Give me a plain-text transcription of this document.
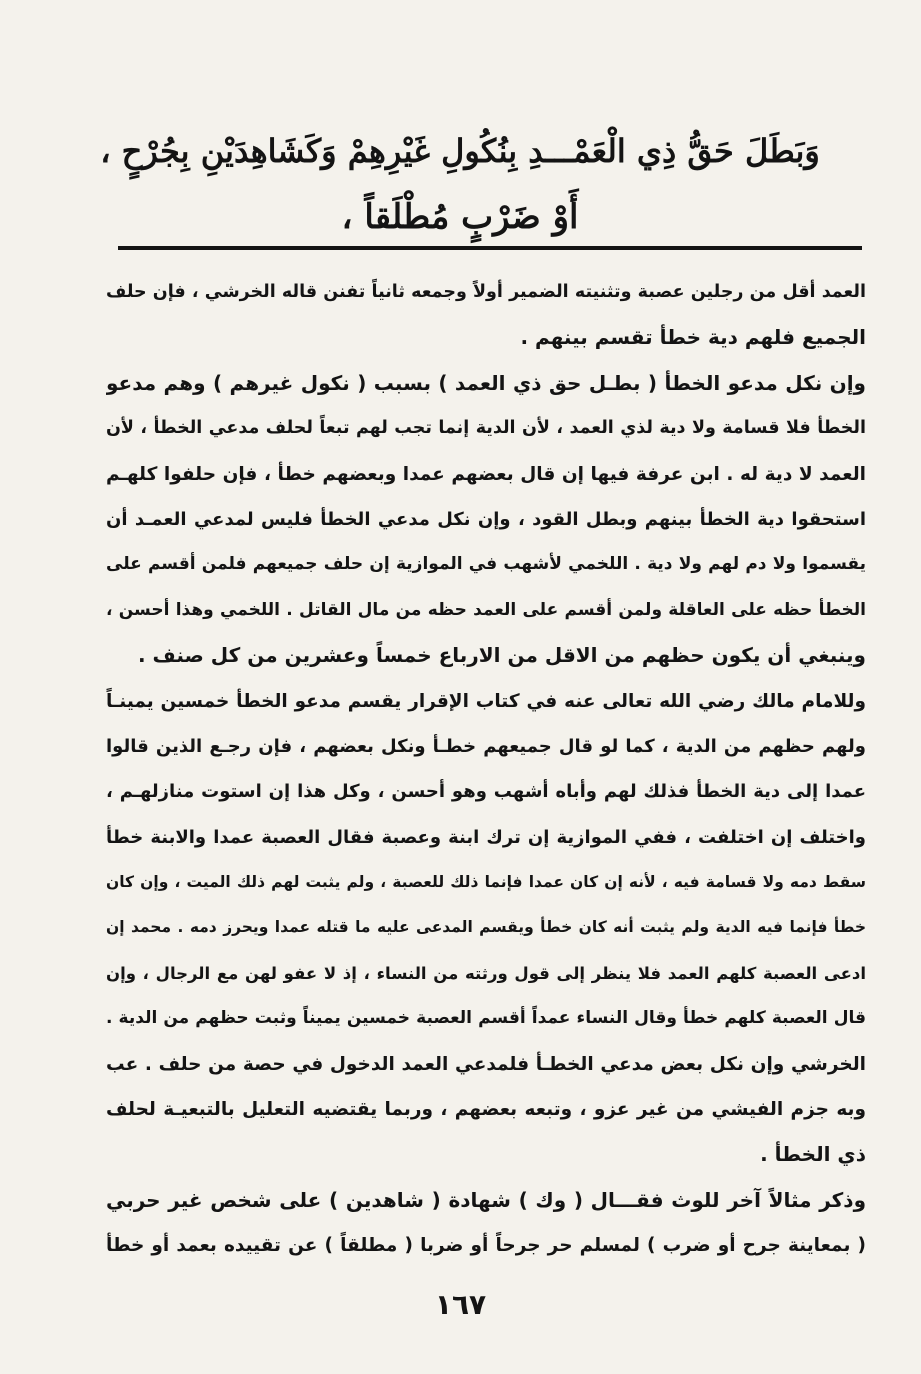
وَبَطَلَ حَقُّ ذِي الْعَمْـــدِ بِنُكُولِ غَيْرِهِمْ وَكَشَاهِدَيْنِ بِجُرْحٍ ،
أَوْ ضَرْبٍ مُطْلَقاً ،
العمد أقل من رجلين عصبة وتثنيته الضمير أولاً وجمعه ثانياً تفنن قاله الخرشي ، فإن حلف
الجميع فلهم دية خطأ تقسم بينهم .
وإن نكل مدعو الخطأ ( بطـل حق ذي العمد ) بسبب ( نكول غيرهم ) وهم مدعو
الخطأ فلا قسامة ولا دية لذي العمد ، لأن الدية إنما تجب لهم تبعاً لحلف مدعي الخطأ ، لأن
العمد لا دية له . ابن عرفة فيها إن قال بعضهم عمدا وبعضهم خطأ ، فإن حلفوا كلهـم
استحقوا دية الخطأ بينهم وبطل القود ، وإن نكل مدعي الخطأ فليس لمدعي العمـد أن
يقسموا ولا دم لهم ولا دية . اللخمي لأشهب في الموازية إن حلف جميعهم فلمن أقسم على
الخطأ حظه على العاقلة ولمن أقسم على العمد حظه من مال القاتل . اللخمي وهذا أحسن ،
وينبغي أن يكون حظهم من الاقل من الارباع خمساً وعشرين من كل صنف .
وللامام مالك رضي الله تعالى عنه في كتاب الإقرار يقسم مدعو الخطأ خمسين يمينـاً
ولهم حظهم من الدية ، كما لو قال جميعهم خطـأ ونكل بعضهم ، فإن رجـع الذين قالوا
عمدا إلى دية الخطأ فذلك لهم وأباه أشهب وهو أحسن ، وكل هذا إن استوت منازلهـم ،
واختلف إن اختلفت ، ففي الموازية إن ترك ابنة وعصبة فقال العصبة عمدا والابنة خطأ
سقط دمه ولا قسامة فيه ، لأنه إن كان عمدا فإنما ذلك للعصبة ، ولم يثبت لهم ذلك الميت ، وإن كان
خطأ فإنما فيه الدية ولم يثبت أنه كان خطأ ويقسم المدعى عليه ما قتله عمدا ويحرز دمه . محمد إن
ادعى العصبة كلهم العمد فلا ينظر إلى قول ورثته من النساء ، إذ لا عفو لهن مع الرجال ، وإن
قال العصبة كلهم خطأ وقال النساء عمداً أقسم العصبة خمسين يميناً وثبت حظهم من الدية .
الخرشي وإن نكل بعض مدعي الخطـأ فلمدعي العمد الدخول في حصة من حلف . عب
وبه جزم الفيشي من غير عزو ، وتبعه بعضهم ، وربما يقتضيه التعليل بالتبعيـة لحلف
ذي الخطأ .
وذكر مثالاً آخر للوث فقـــال ( وك ) شهادة ( شاهدين ) على شخص غير حربي
( بمعاينة جرح أو ضرب ) لمسلم حر جرحاً أو ضربا ( مطلقاً ) عن تقييده بعمد أو خطأ
١٦٧
